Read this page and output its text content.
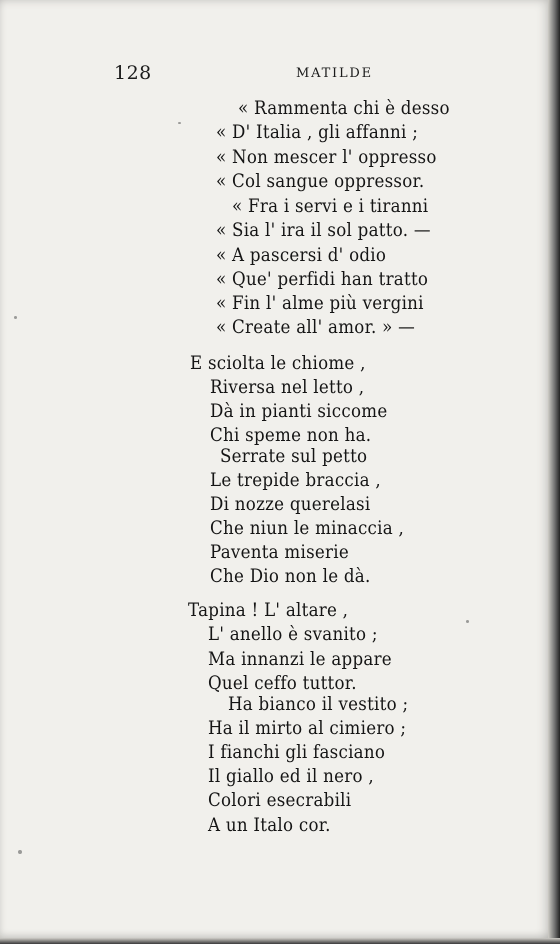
128	MATILDE
« Rammenta chi è desso
« D' Italia , gli affanni ;
« Non mescer l' oppresso
« Col sangue oppressor.
« Fra i servi e i tiranni
« Sia l' ira il sol patto. —
« A pascersi d' odio
« Que' perfidi han tratto
« Fin l' alme più vergini
« Create all' amor. » —
E sciolta le chiome ,
Riversa nel letto ,
Dà in pianti siccome
Chi speme non ha.
Serrate sul petto
Le trepide braccia ,
Di nozze querelasi
Che niun le minaccia ,
Paventa miserie
Che Dio non le dà.
Tapina ! L' altare ,
L' anello è svanito ;
Ma innanzi le appare
Quel ceffo tuttor.
Ha bianco il vestito ;
Ha il mirto al cimiero ;
I fianchi gli fasciano
Il giallo ed il nero ,
Colori esecrabili
A un Italo cor.
